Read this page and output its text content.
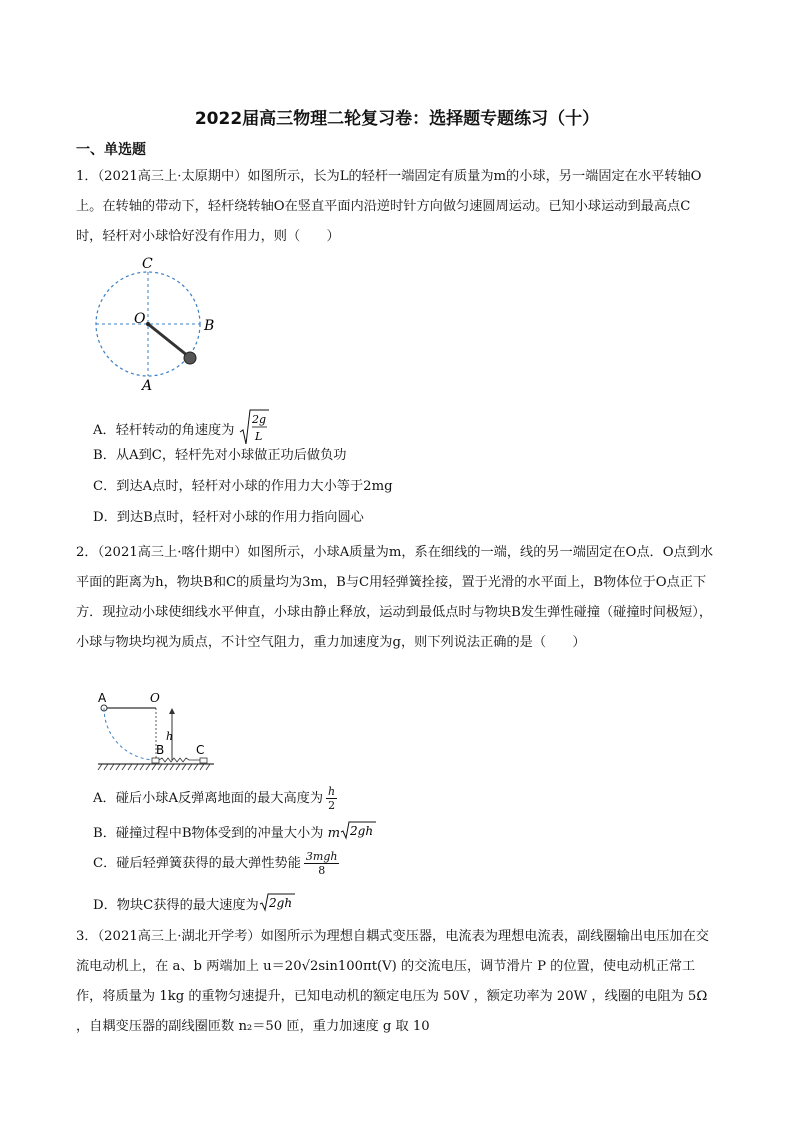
2022届高三物理二轮复习卷：选择题专题练习（十）
一、单选题
1．（2021高三上·太原期中）如图所示，长为L的轻杆一端固定有质量为m的小球，另一端固定在水平转轴O上。在转轴的带动下，轻杆绕转轴O在竖直平面内沿逆时针方向做匀速圆周运动。已知小球运动到最高点C时，轻杆对小球恰好没有作用力，则（　　）
C
O	B
A
A．轻杆转动的角速度为
2g
L
B．从A到C，轻杆先对小球做正功后做负功
C．到达A点时，轻杆对小球的作用力大小等于2mg
D．到达B点时，轻杆对小球的作用力指向圆心
2．（2021高三上·喀什期中）如图所示，小球A质量为m，系在细线的一端，线的另一端固定在O点．O点到水平面的距离为h，物块B和C的质量均为3m，B与C用轻弹簧拴接，置于光滑的水平面上，B物体位于O点正下方．现拉动小球使细线水平伸直，小球由静止释放，运动到最低点时与物块B发生弹性碰撞（碰撞时间极短），小球与物块均视为质点，不计空气阻力，重力加速度为g，则下列说法正确的是（　　）
A	O
h
B	C
A．碰后小球A反弹离地面的最大高度为 $\frac{h}{2}$
B．碰撞过程中B物体受到的冲量大小为 m 2gh
C．碰后轻弹簧获得的最大弹性势能 $\frac{\text{3mgh}}{8}$
D．物块C获得的最大速度为 2gh
3．（2021高三上·湖北开学考）如图所示为理想自耦式变压器，电流表为理想电流表，副线圈输出电压加在交流电动机上，在 a、b 两端加上 u＝20√2sin100πt(V) 的交流电压，调节滑片 P 的位置，使电动机正常工作，将质量为 1kg 的重物匀速提升，已知电动机的额定电压为 50V ，额定功率为 20W ，线圈的电阻为 5Ω ，自耦变压器的副线圈匝数 n₂＝50 匝，重力加速度 g 取 10
